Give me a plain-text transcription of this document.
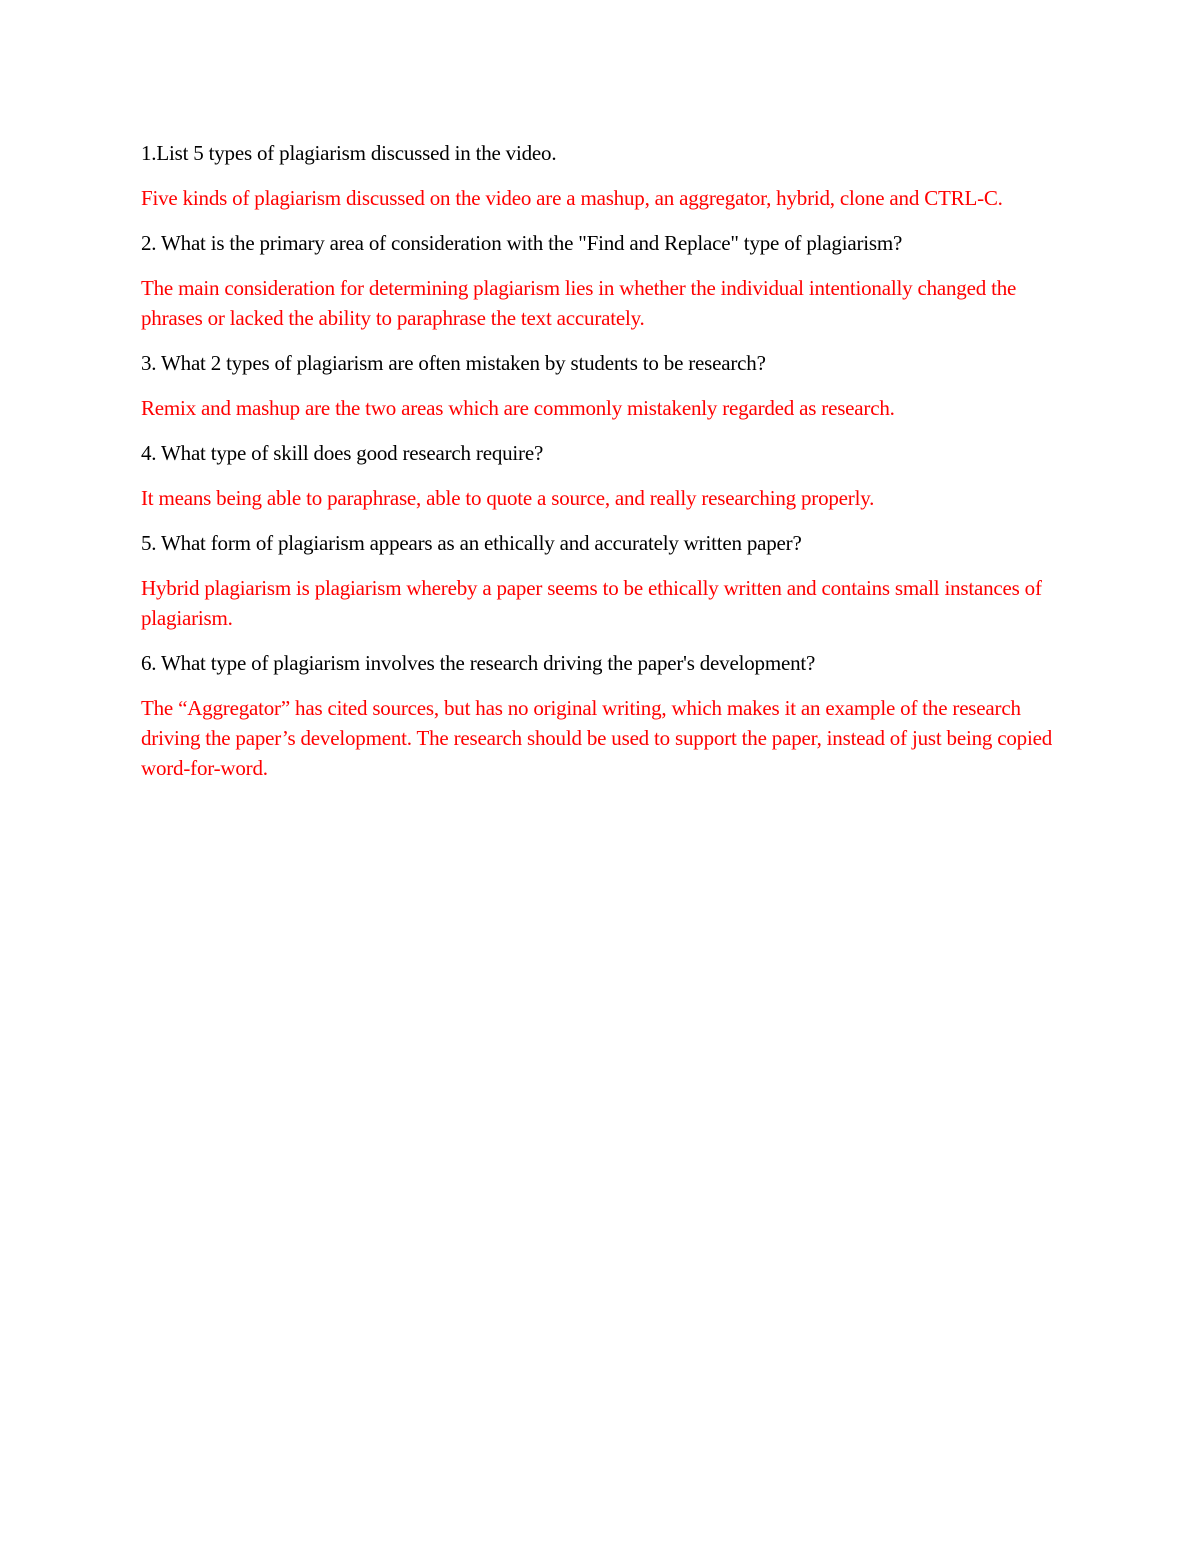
1.List 5 types of plagiarism discussed in the video.

Five kinds of plagiarism discussed on the video are a mashup, an aggregator, hybrid, clone and CTRL-C.

2. What is the primary area of consideration with the "Find and Replace" type of plagiarism?

The main consideration for determining plagiarism lies in whether the individual intentionally changed the phrases or lacked the ability to paraphrase the text accurately.

3. What 2 types of plagiarism are often mistaken by students to be research?

Remix and mashup are the two areas which are commonly mistakenly regarded as research.

4. What type of skill does good research require?

It means being able to paraphrase, able to quote a source, and really researching properly.

5. What form of plagiarism appears as an ethically and accurately written paper?

Hybrid plagiarism is plagiarism whereby a paper seems to be ethically written and contains small instances of plagiarism.

6. What type of plagiarism involves the research driving the paper's development?

The “Aggregator” has cited sources, but has no original writing, which makes it an example of the research driving the paper’s development. The research should be used to support the paper, instead of just being copied word-for-word.
